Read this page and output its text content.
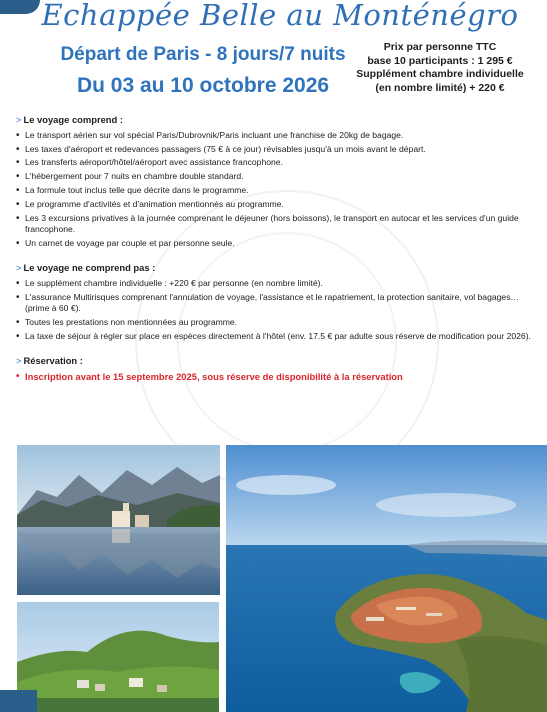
Echappée Belle au Monténégro
Départ de Paris - 8 jours/7 nuits
Du 03 au 10 octobre 2026
Prix par personne TTC
base 10 participants : 1 295 €
Supplément chambre individuelle
(en nombre limité) + 220 €
> Le voyage comprend :
• Le transport aérien sur vol spécial Paris/Dubrovnik/Paris incluant une franchise de 20kg de bagage.
• Les taxes d'aéroport et redevances passagers (75 € à ce jour) révisables jusqu'à un mois avant le départ.
• Les transferts aéroport/hôtel/aéroport avec assistance francophone.
• L'hébergement pour 7 nuits en chambre double standard.
• La formule tout inclus telle que décrite dans le programme.
• Le programme d'activités et d'animation mentionnés au programme.
• Les 3 excursions privatives à la journée comprenant le déjeuner (hors boissons), le transport en autocar et les services d'un guide francophone.
• Un carnet de voyage par couple et par personne seule.
> Le voyage ne comprend pas :
• Le supplément chambre individuelle : +220 € par personne (en nombre limité).
• L'assurance Multirisques comprenant l'annulation de voyage, l'assistance et le rapatriement, la protection sanitaire, vol bagages… (prime à 60 €).
• Toutes les prestations non mentionnées au programme.
• La taxe de séjour à régler sur place en espèces directement à l'hôtel (env. 17.5 € par adulte sous réserve de modification pour 2026).
> Réservation :
• Inscription avant le 15 septembre 2025, sous réserve de disponibilité à la réservation
